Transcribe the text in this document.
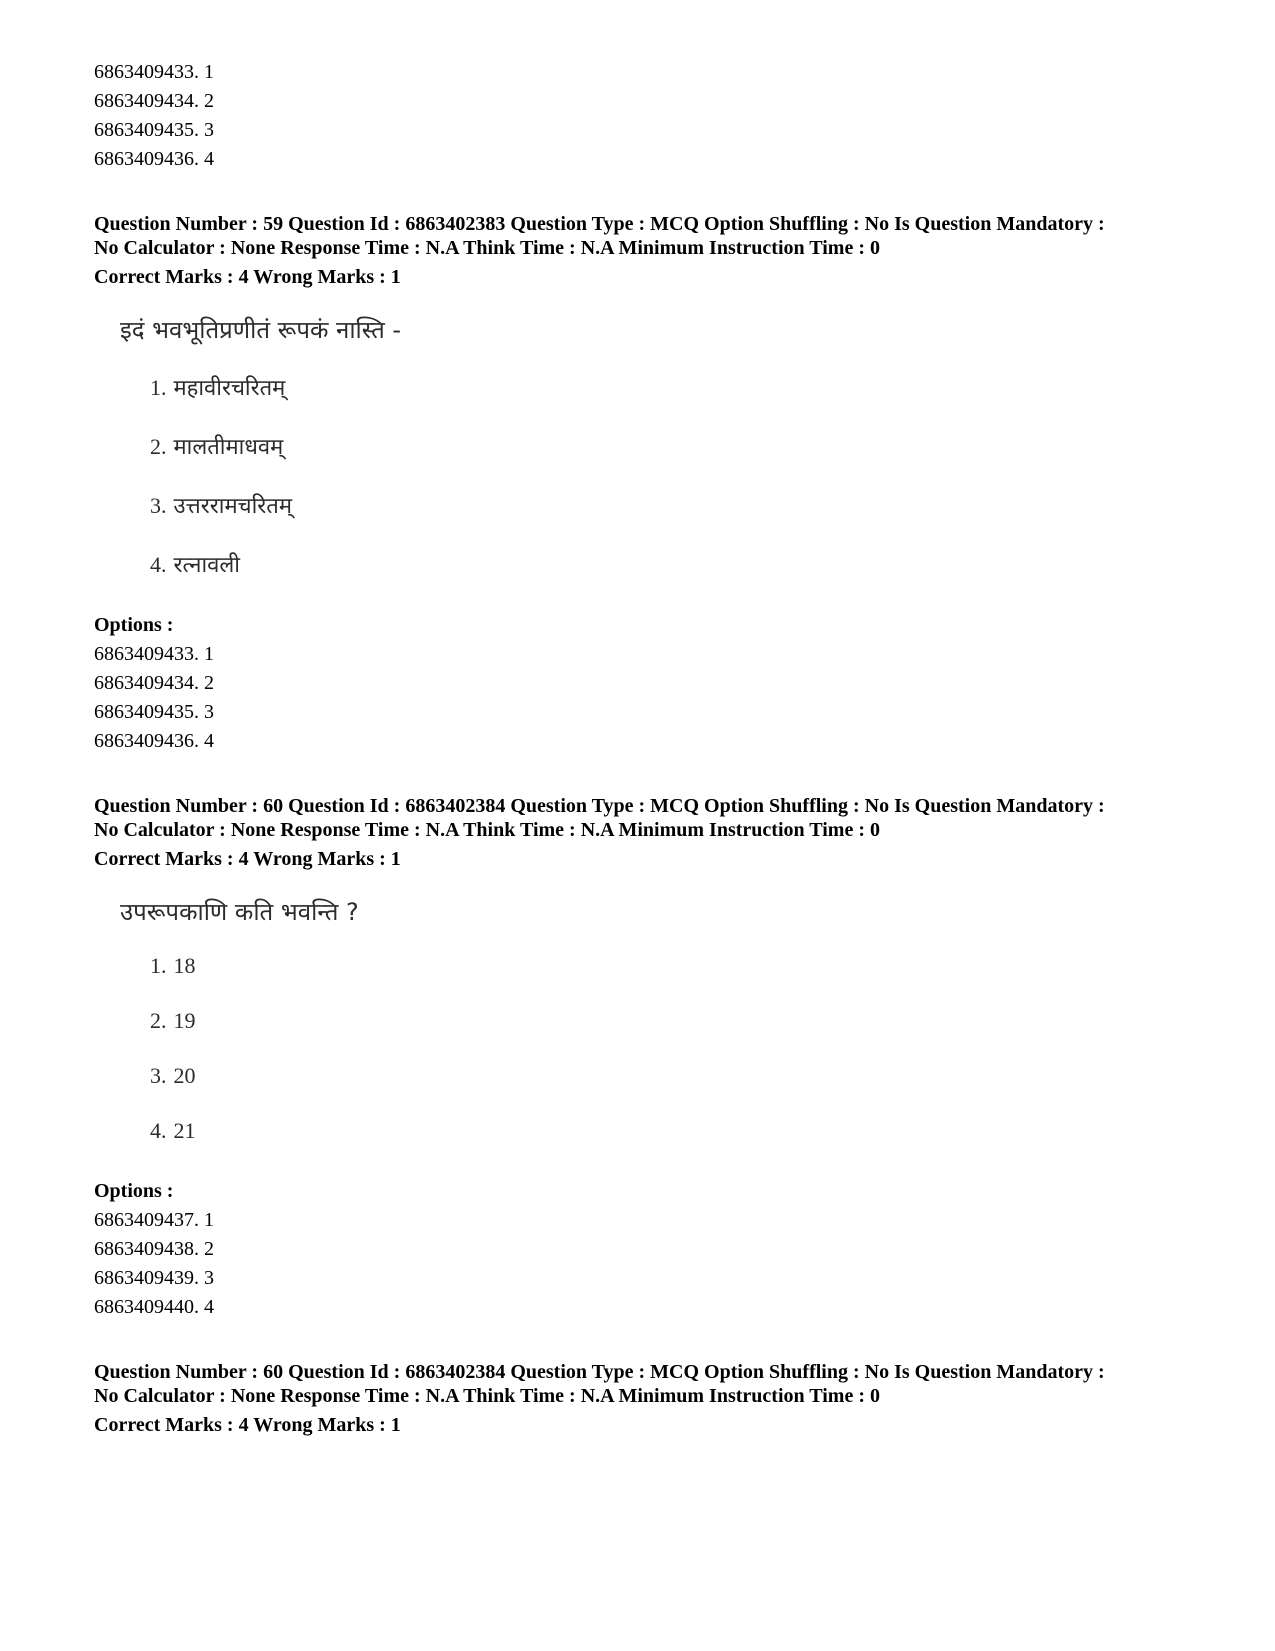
6863409433. 1
6863409434. 2
6863409435. 3
6863409436. 4
Question Number : 59 Question Id : 6863402383 Question Type : MCQ Option Shuffling : No Is Question Mandatory :
No Calculator : None Response Time : N.A Think Time : N.A Minimum Instruction Time : 0
Correct Marks : 4 Wrong Marks : 1
इदं भवभूतिप्रणीतं रूपकं नास्ति -
1. महावीरचरितम्
2. मालतीमाधवम्
3. उत्तररामचरितम्
4. रत्नावली
Options :
6863409433. 1
6863409434. 2
6863409435. 3
6863409436. 4
Question Number : 60 Question Id : 6863402384 Question Type : MCQ Option Shuffling : No Is Question Mandatory :
No Calculator : None Response Time : N.A Think Time : N.A Minimum Instruction Time : 0
Correct Marks : 4 Wrong Marks : 1
उपरूपकाणि कति भवन्ति ?
1. 18
2. 19
3. 20
4. 21
Options :
6863409437. 1
6863409438. 2
6863409439. 3
6863409440. 4
Question Number : 60 Question Id : 6863402384 Question Type : MCQ Option Shuffling : No Is Question Mandatory :
No Calculator : None Response Time : N.A Think Time : N.A Minimum Instruction Time : 0
Correct Marks : 4 Wrong Marks : 1
